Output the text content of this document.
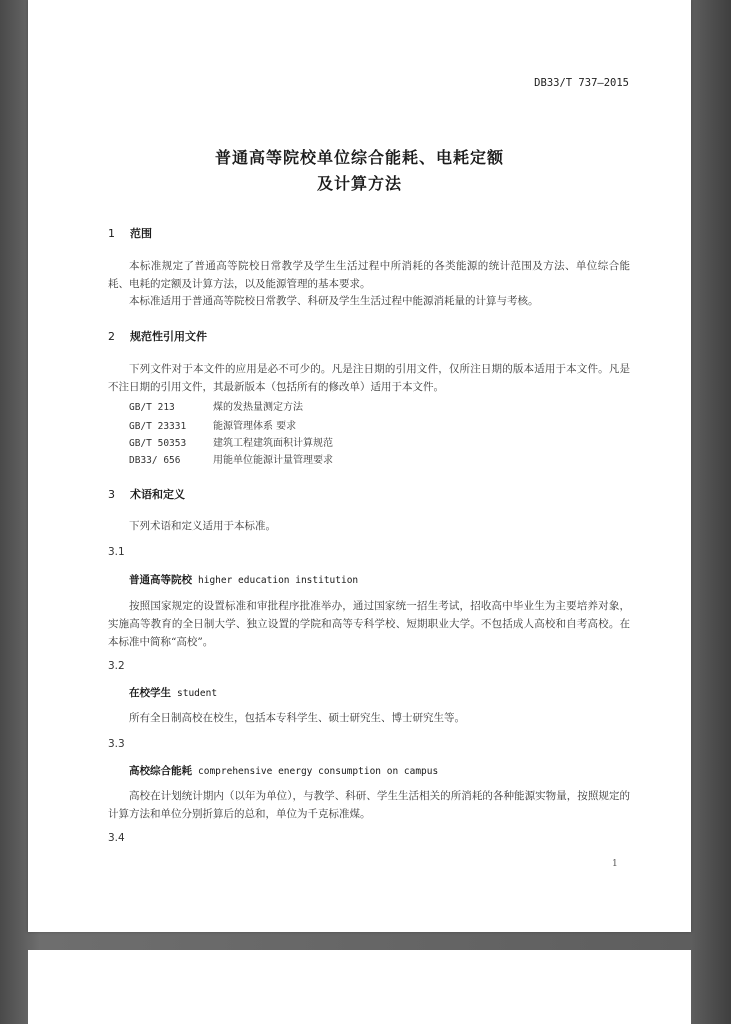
DB33/T 737—2015
普通高等院校单位综合能耗、电耗定额
及计算方法
1 范围
本标准规定了普通高等院校日常教学及学生生活过程中所消耗的各类能源的统计范围及方法、单位综合能耗、电耗的定额及计算方法，以及能源管理的基本要求。
本标准适用于普通高等院校日常教学、科研及学生生活过程中能源消耗量的计算与考核。
2 规范性引用文件
下列文件对于本文件的应用是必不可少的。凡是注日期的引用文件，仅所注日期的版本适用于本文件。凡是不注日期的引用文件，其最新版本（包括所有的修改单）适用于本文件。
GB/T 213	煤的发热量测定方法
GB/T 23331	能源管理体系 要求
GB/T 50353	建筑工程建筑面积计算规范
DB33/ 656	用能单位能源计量管理要求
3 术语和定义
下列术语和定义适用于本标准。
3.1
普通高等院校 higher education institution
按照国家规定的设置标准和审批程序批准举办，通过国家统一招生考试，招收高中毕业生为主要培养对象，实施高等教育的全日制大学、独立设置的学院和高等专科学校、短期职业大学。不包括成人高校和自考高校。在本标准中简称“高校”。
3.2
在校学生 student
所有全日制高校在校生，包括本专科学生、硕士研究生、博士研究生等。
3.3
高校综合能耗 comprehensive energy consumption on campus
高校在计划统计期内（以年为单位），与教学、科研、学生生活相关的所消耗的各种能源实物量，按照规定的计算方法和单位分别折算后的总和，单位为千克标准煤。
3.4
1
